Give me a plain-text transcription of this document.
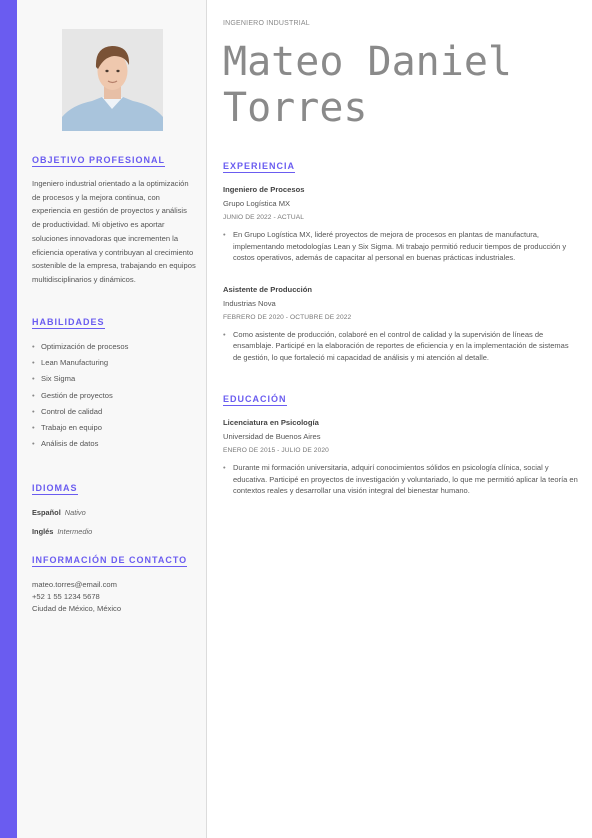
OBJETIVO PROFESIONAL

Ingeniero industrial orientado a la optimización de procesos y la mejora continua, con experiencia en gestión de proyectos y análisis de productividad. Mi objetivo es aportar soluciones innovadoras que incrementen la eficiencia operativa y contribuyan al crecimiento sostenible de la empresa, trabajando en equipos multidisciplinarios y dinámicos.

HABILIDADES
• Optimización de procesos
• Lean Manufacturing
• Six Sigma
• Gestión de proyectos
• Control de calidad
• Trabajo en equipo
• Análisis de datos
IDIOMAS
Español Nativo
Inglés Intermedio
INFORMACIÓN DE CONTACTO
mateo.torres@email.com
+52 1 55 1234 5678
Ciudad de México, México
INGENIERO INDUSTRIAL
Mateo Daniel
Torres
EXPERIENCIA
Ingeniero de Procesos
Grupo Logística MX
JUNIO DE 2022 - ACTUAL

• En Grupo Logística MX, lideré proyectos de mejora de procesos en plantas de manufactura, implementando metodologías Lean y Six Sigma. Mi trabajo permitió reducir tiempos de producción y costos operativos, además de capacitar al personal en buenas prácticas industriales.

Asistente de Producción
Industrias Nova
FEBRERO DE 2020 - OCTUBRE DE 2022

• Como asistente de producción, colaboré en el control de calidad y la supervisión de líneas de ensamblaje. Participé en la elaboración de reportes de eficiencia y en la implementación de sistemas de gestión, lo que fortaleció mi capacidad de análisis y mi atención al detalle.

EDUCACIÓN
Licenciatura en Psicología
Universidad de Buenos Aires
ENERO DE 2015 - JULIO DE 2020

• Durante mi formación universitaria, adquirí conocimientos sólidos en psicología clínica, social y educativa. Participé en proyectos de investigación y voluntariado, lo que me permitió aplicar la teoría en contextos reales y desarrollar una visión integral del bienestar humano.
